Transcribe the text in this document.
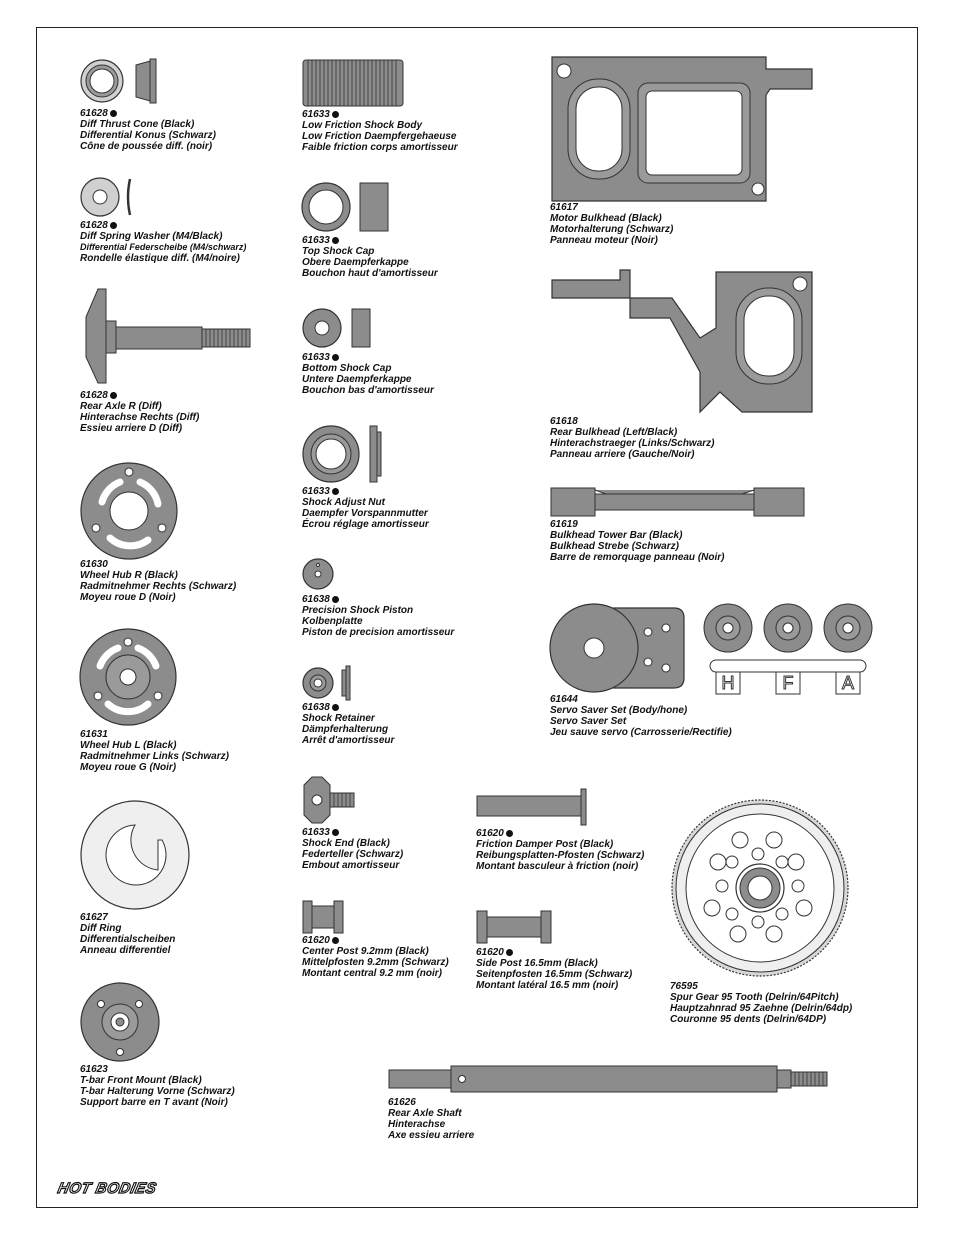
61628
Diff Thrust Cone (Black)
Differential Konus (Schwarz)
Cône de poussée diff. (noir)
61628
Diff Spring Washer (M4/Black)
Differential Federscheibe (M4/schwarz)
Rondelle élastique diff. (M4/noire)
61628
Rear Axle R (Diff)
Hinterachse Rechts (Diff)
Essieu arriere D (Diff)
61630
Wheel Hub R (Black)
Radmitnehmer Rechts (Schwarz)
Moyeu roue D (Noir)
61631
Wheel Hub L (Black)
Radmitnehmer Links (Schwarz)
Moyeu roue G (Noir)
61627
Diff Ring
Differentialscheiben
Anneau differentiel
61623
T-bar Front Mount (Black)
T-bar Halterung Vorne (Schwarz)
Support barre en T avant (Noir)
61633
Low Friction Shock Body
Low Friction Daempfergehaeuse
Faible friction corps amortisseur
61633
Top Shock Cap
Obere Daempferkappe
Bouchon haut d'amortisseur
61633
Bottom Shock Cap
Untere Daempferkappe
Bouchon bas d'amortisseur
61633
Shock Adjust Nut
Daempfer Vorspannmutter
Écrou réglage amortisseur
61638
Precision Shock Piston
Kolbenplatte
Piston de precision amortisseur
61638
Shock Retainer
Dämpferhalterung
Arrêt d'amortisseur
61633
Shock End (Black)
Federteller (Schwarz)
Embout amortisseur
61620
Center Post 9.2mm (Black)
Mittelpfosten 9.2mm (Schwarz)
Montant central 9.2 mm (noir)
61617
Motor Bulkhead (Black)
Motorhalterung (Schwarz)
Panneau moteur (Noir)
61618
Rear Bulkhead (Left/Black)
Hinterachstraeger (Links/Schwarz)
Panneau arriere (Gauche/Noir)
61619
Bulkhead Tower Bar (Black)
Bulkhead Strebe (Schwarz)
Barre de remorquage panneau (Noir)
H	F	A
61644
Servo Saver Set (Body/hone)
Servo Saver Set
Jeu sauve servo (Carrosserie/Rectifie)
61620
Friction Damper Post (Black)
Reibungsplatten-Pfosten (Schwarz)
Montant basculeur à friction (noir)
61620
Side Post 16.5mm (Black)
Seitenpfosten 16.5mm (Schwarz)
Montant latéral 16.5 mm (noir)	76595
Spur Gear 95 Tooth (Delrin/64Pitch)
Hauptzahnrad 95 Zaehne (Delrin/64dp)
Couronne 95 dents (Delrin/64DP)
61626
Rear Axle Shaft
Hinterachse
Axe essieu arriere
HOT BODIES
